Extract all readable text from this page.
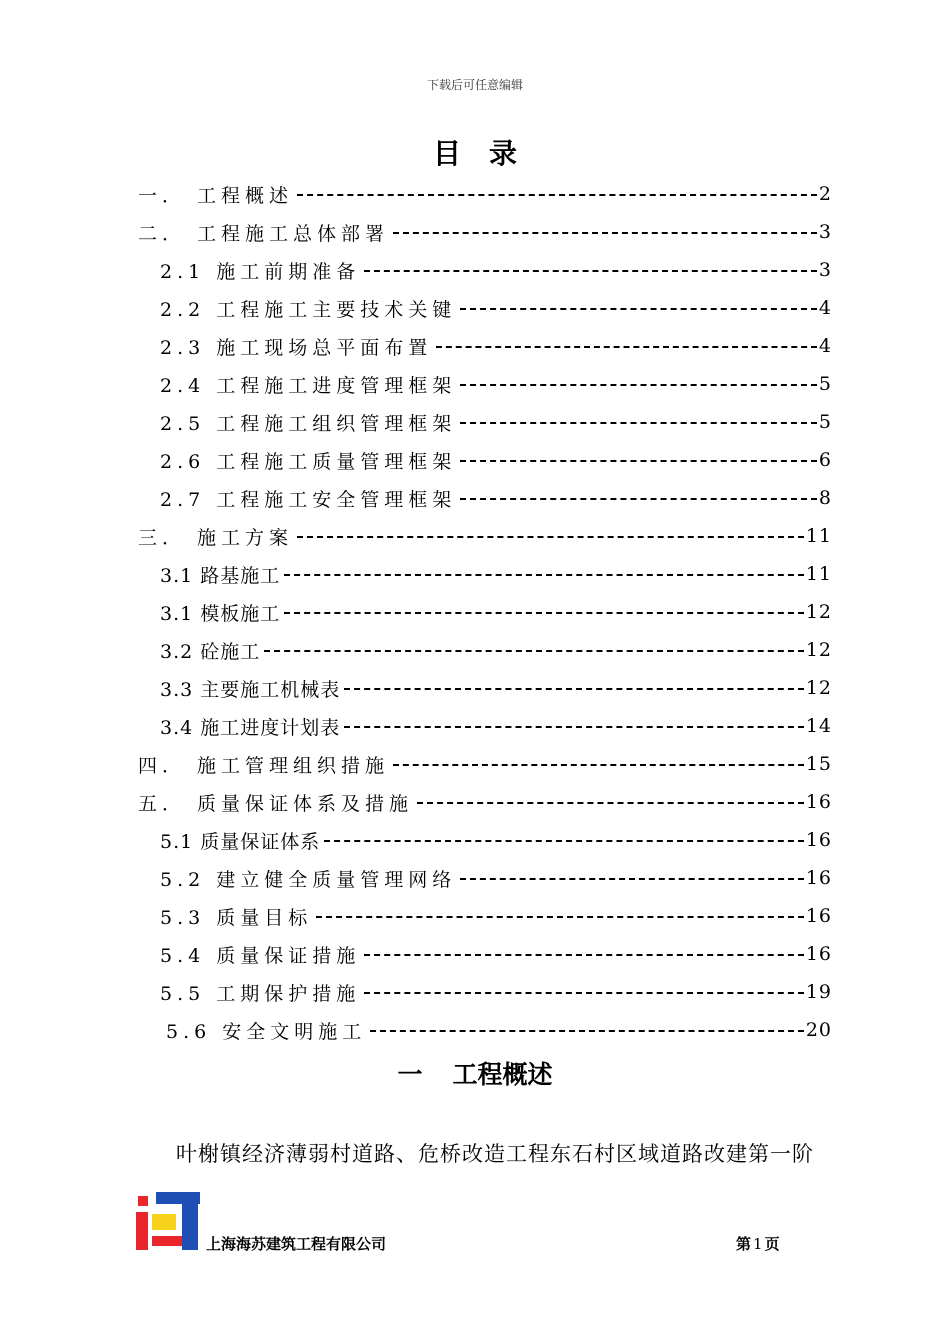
下载后可任意编辑
目录
一． 工程概述	2
二． 工程施工总体部署	3
2.1 施工前期准备	3
2.2 工程施工主要技术关键	4
2.3 施工现场总平面布置	4
2.4 工程施工进度管理框架	5
2.5 工程施工组织管理框架	5
2.6 工程施工质量管理框架	6
2.7 工程施工安全管理框架	8
三． 施工方案	11
3.1 路基施工	11
3.1 模板施工	12
3.2 砼施工	12
3.3 主要施工机械表	12
3.4 施工进度计划表	14
四． 施工管理组织措施	15
五． 质量保证体系及措施	16
5.1 质量保证体系	16
5.2 建立健全质量管理网络	16
5.3 质量目标	16
5.4 质量保证措施	16
5.5 工期保护措施	19
5.6 安全文明施工	20
一 工程概述
叶榭镇经济薄弱村道路、危桥改造工程东石村区域道路改建第一阶
上海海苏建筑工程有限公司	第 1 页
